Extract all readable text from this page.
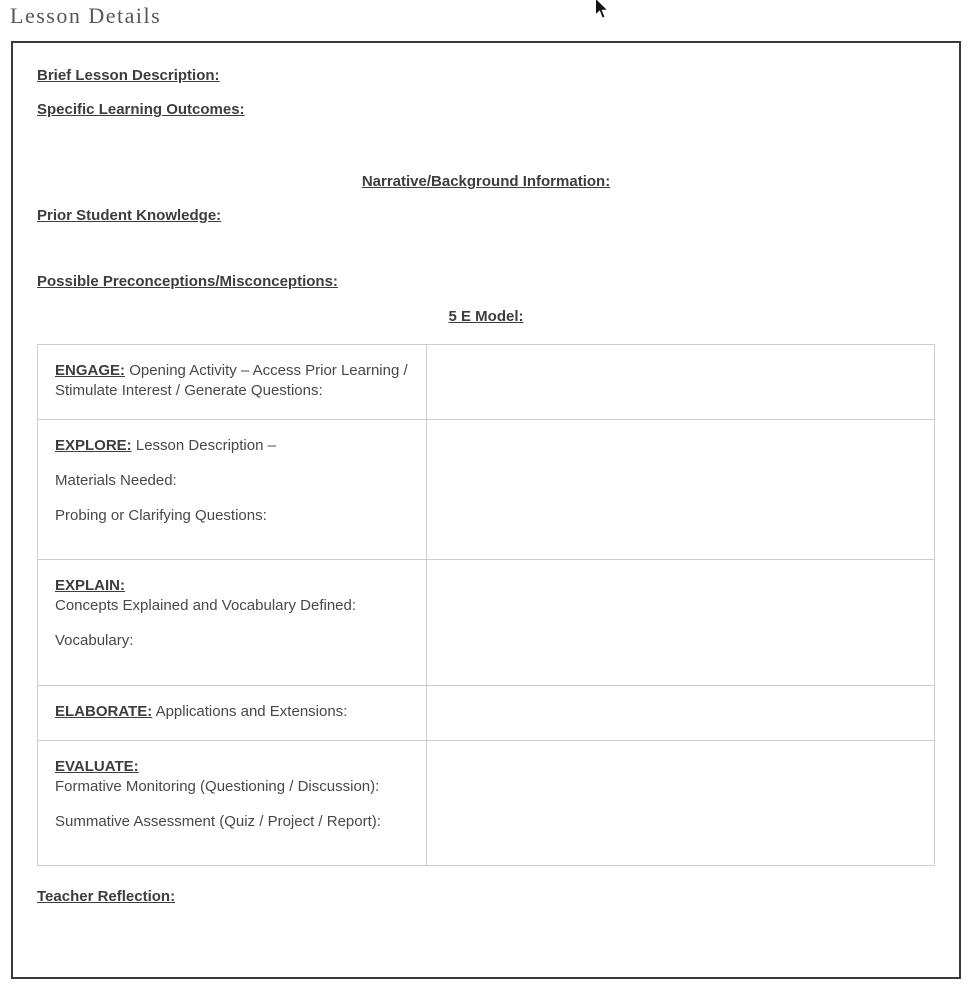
Lesson Details

Brief Lesson Description:

Specific Learning Outcomes:

Narrative/Background Information:

Prior Student Knowledge:

Possible Preconceptions/Misconceptions:

5 E Model:

ENGAGE: Opening Activity – Access Prior Learning / Stimulate Interest / Generate Questions:	

EXPLORE: Lesson Description –

Materials Needed:

Probing or Clarifying Questions:	

EXPLAIN:
Concepts Explained and Vocabulary Defined:

Vocabulary:	

ELABORATE: Applications and Extensions:	

EVALUATE:
Formative Monitoring (Questioning / Discussion):

Summative Assessment (Quiz / Project / Report):	

Teacher Reflection:
